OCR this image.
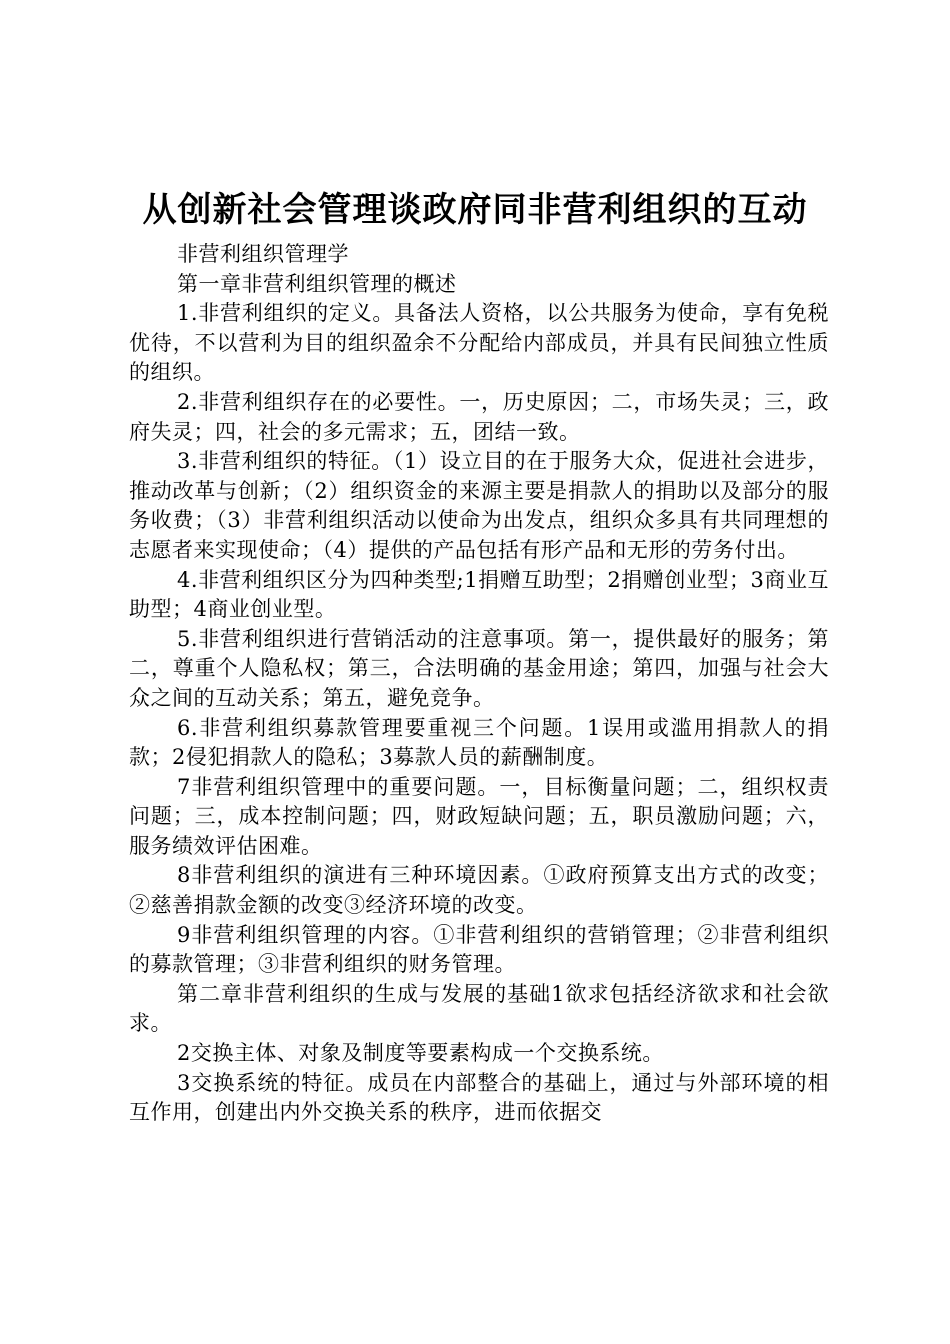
从创新社会管理谈政府同非营利组织的互动

非营利组织管理学

第一章非营利组织管理的概述

1.非营利组织的定义。具备法人资格，以公共服务为使命，享有免税优待，不以营利为目的组织盈余不分配给内部成员，并具有民间独立性质的组织。

2.非营利组织存在的必要性。一，历史原因；二，市场失灵；三，政府失灵；四，社会的多元需求；五，团结一致。

3.非营利组织的特征。（1）设立目的在于服务大众，促进社会进步，推动改革与创新；（2）组织资金的来源主要是捐款人的捐助以及部分的服务收费；（3）非营利组织活动以使命为出发点，组织众多具有共同理想的志愿者来实现使命；（4）提供的产品包括有形产品和无形的劳务付出。

4.非营利组织区分为四种类型;1捐赠互助型；2捐赠创业型；3商业互助型；4商业创业型。

5.非营利组织进行营销活动的注意事项。第一，提供最好的服务；第二，尊重个人隐私权；第三，合法明确的基金用途；第四，加强与社会大众之间的互动关系；第五，避免竞争。

6.非营利组织募款管理要重视三个问题。1误用或滥用捐款人的捐款；2侵犯捐款人的隐私；3募款人员的薪酬制度。

7非营利组织管理中的重要问题。一，目标衡量问题；二，组织权责问题；三，成本控制问题；四，财政短缺问题；五，职员激励问题；六，服务绩效评估困难。

8非营利组织的演进有三种环境因素。①政府预算支出方式的改变；②慈善捐款金额的改变③经济环境的改变。

9非营利组织管理的内容。①非营利组织的营销管理；②非营利组织的募款管理；③非营利组织的财务管理。

第二章非营利组织的生成与发展的基础1欲求包括经济欲求和社会欲求。

2交换主体、对象及制度等要素构成一个交换系统。

3交换系统的特征。成员在内部整合的基础上，通过与外部环境的相互作用，创建出内外交换关系的秩序，进而依据交
